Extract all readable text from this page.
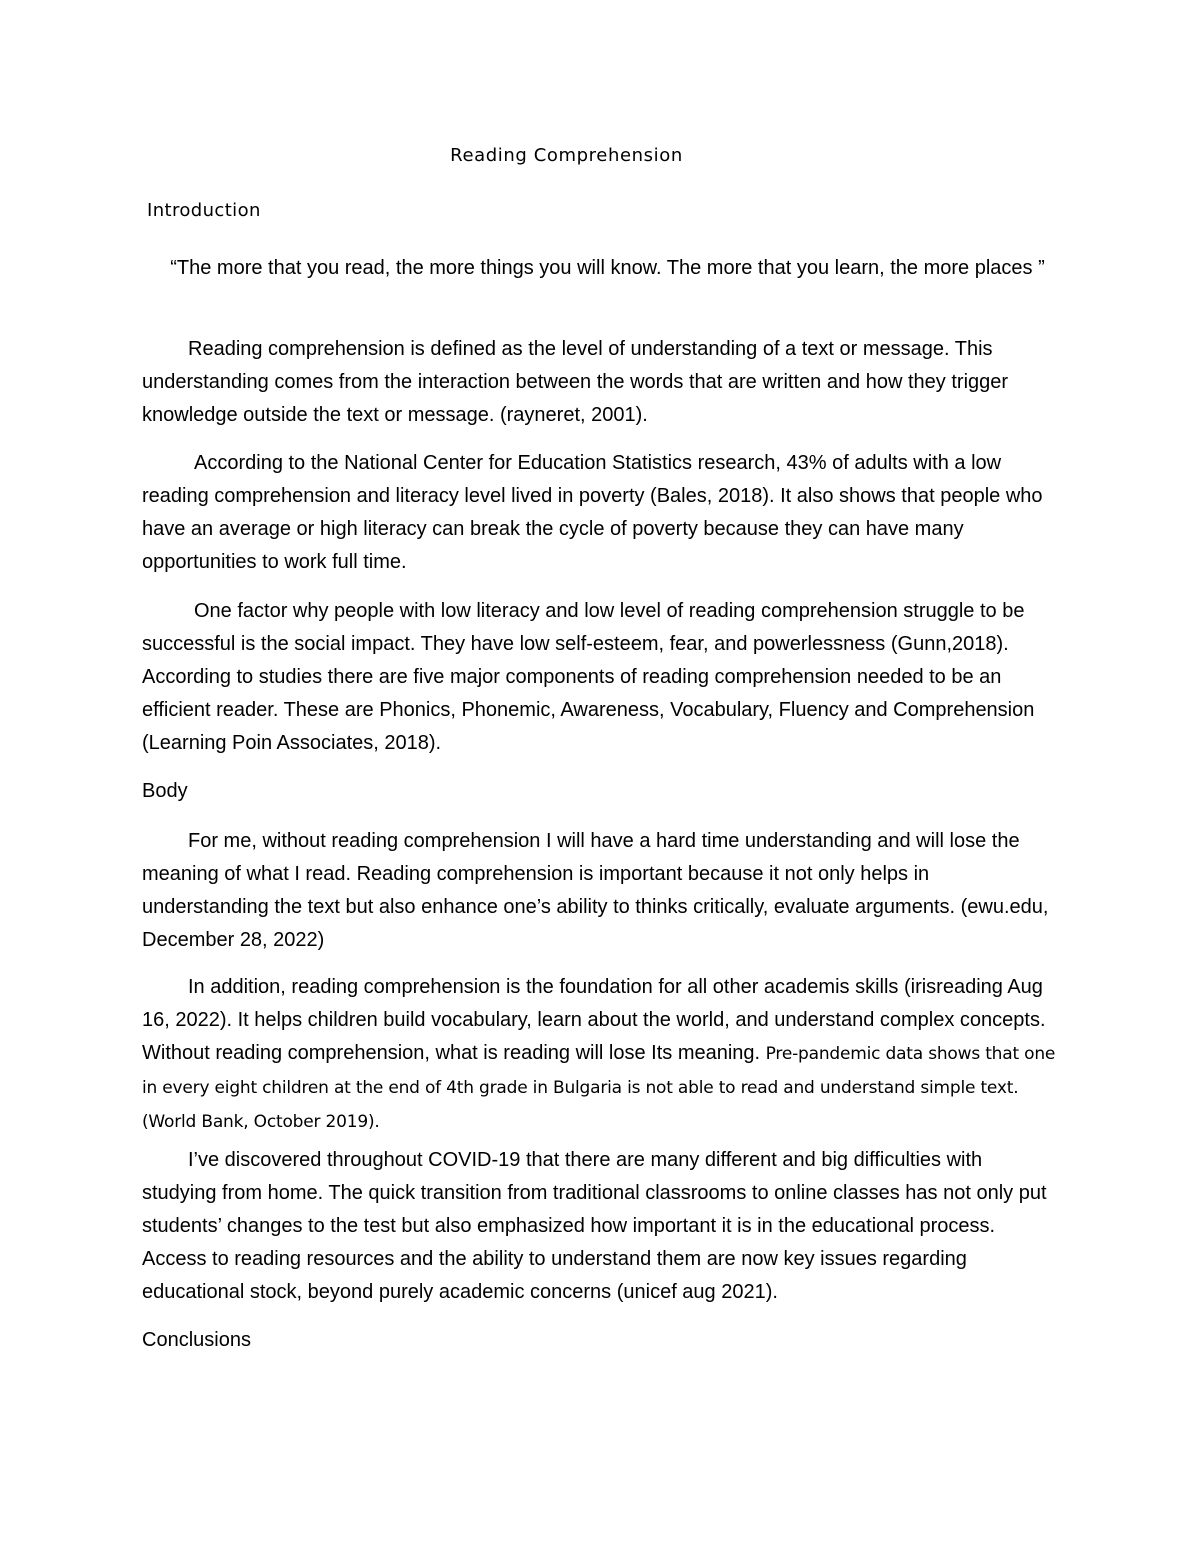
Reading Comprehension
Introduction
“The more that you read, the more things you will know. The more that you learn, the more places ”

Reading comprehension is defined as the level of understanding of a text or message. This understanding comes from the interaction between the words that are written and how they trigger knowledge outside the text or message. (rayneret, 2001).

According to the National Center for Education Statistics research, 43% of adults with a low reading comprehension and literacy level lived in poverty (Bales, 2018). It also shows that people who have an average or high literacy can break the cycle of poverty because they can have many opportunities to work full time.

One factor why people with low literacy and low level of reading comprehension struggle to be successful is the social impact. They have low self-esteem, fear, and powerlessness (Gunn,2018). According to studies there are five major components of reading comprehension needed to be an efficient reader. These are Phonics, Phonemic, Awareness, Vocabulary, Fluency and Comprehension (Learning Poin Associates, 2018).

Body

For me, without reading comprehension I will have a hard time understanding and will lose the meaning of what I read. Reading comprehension is important because it not only helps in understanding the text but also enhance one’s ability to thinks critically, evaluate arguments. (ewu.edu, December 28, 2022)

In addition, reading comprehension is the foundation for all other academis skills (irisreading Aug 16, 2022). It helps children build vocabulary, learn about the world, and understand complex concepts. Without reading comprehension, what is reading will lose Its meaning. Pre-pandemic data shows that one in every eight children at the end of 4th grade in Bulgaria is not able to read and understand simple text. (World Bank, October 2019).

I’ve discovered throughout COVID-19 that there are many different and big difficulties with studying from home. The quick transition from traditional classrooms to online classes has not only put students’ changes to the test but also emphasized how important it is in the educational process. Access to reading resources and the ability to understand them are now key issues regarding educational stock, beyond purely academic concerns (unicef aug 2021).

Conclusions
